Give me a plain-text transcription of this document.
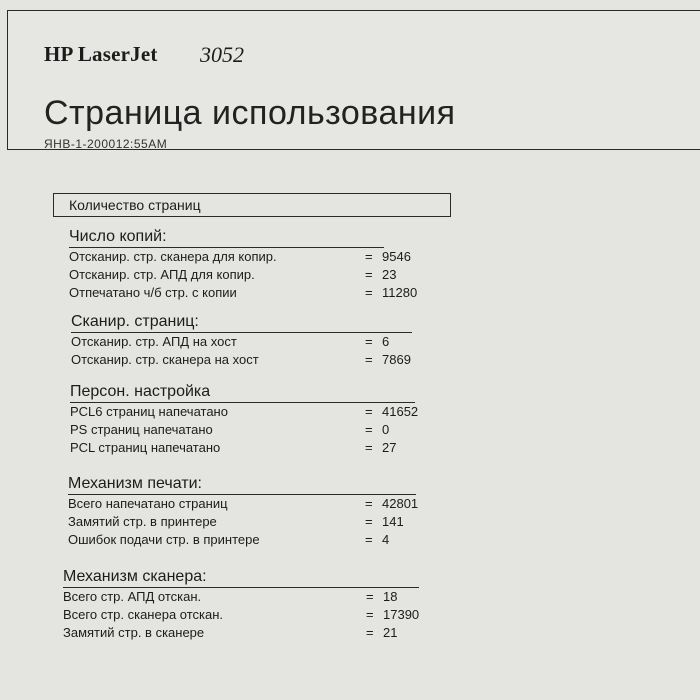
HP LaserJet 3052
Страница использования
ЯНВ-1-200012:55AM
Количество страниц
Число копий:
Отсканир. стр. сканера для копир.	= 9546
Отсканир. стр. АПД для копир.	= 23
Отпечатано ч/б стр. с копии	= 11280
Сканир. страниц:
Отсканир. стр. АПД на хост	= 6
Отсканир. стр. сканера на хост	= 7869
Персон. настройка
PCL6 страниц напечатано	= 41652
PS страниц напечатано	= 0
PCL страниц напечатано	= 27
Механизм печати:
Всего напечатано страниц	= 42801
Замятий стр. в принтере	= 141
Ошибок подачи стр. в принтере	= 4
Механизм сканера:
Всего стр. АПД отскан.	= 18
Всего стр. сканера отскан.	= 17390
Замятий стр. в сканере	= 21
